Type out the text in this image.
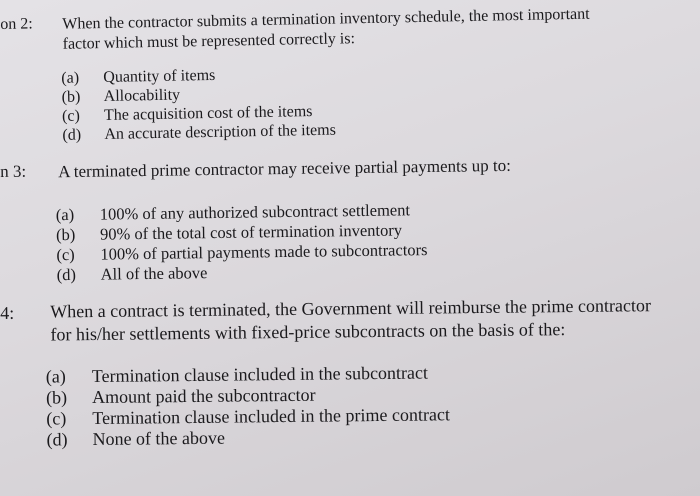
on 2: When the contractor submits a termination inventory schedule, the most important
factor which must be represented correctly is:
(a) Quantity of items
(b) Allocability
(c) The acquisition cost of the items
(d) An accurate description of the items
n 3: A terminated prime contractor may receive partial payments up to:
(a) 100% of any authorized subcontract settlement
(b) 90% of the total cost of termination inventory
(c) 100% of partial payments made to subcontractors
(d) All of the above
4: When a contract is terminated, the Government will reimburse the prime contractor
for his/her settlements with fixed-price subcontracts on the basis of the:
(a) Termination clause included in the subcontract
(b) Amount paid the subcontractor
(c) Termination clause included in the prime contract
(d) None of the above
